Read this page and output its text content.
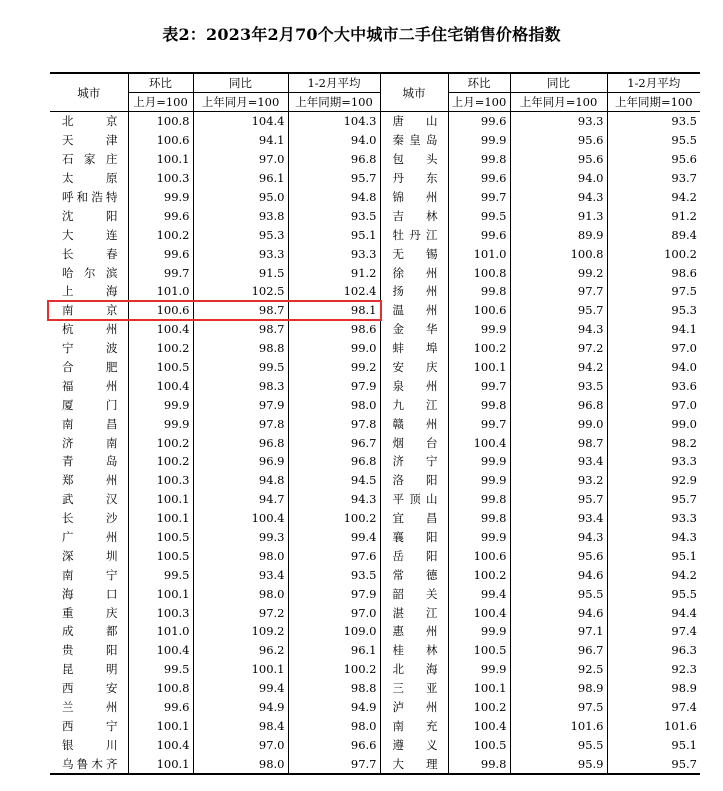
表2：2023年2月70个大中城市二手住宅销售价格指数
城市	环比	同比	1-2月平均	城市	环比	同比	1-2月平均
	上月=100	上年同月=100	上年同期=100		上月=100	上年同月=100	上年同期=100
北京	100.8	104.4	104.3	唐山	99.6	93.3	93.5
天津	100.6	94.1	94.0	秦皇岛	99.9	95.6	95.5
石家庄	100.1	97.0	96.8	包头	99.8	95.6	95.6
太原	100.3	96.1	95.7	丹东	99.6	94.0	93.7
呼和浩特	99.9	95.0	94.8	锦州	99.7	94.3	94.2
沈阳	99.6	93.8	93.5	吉林	99.5	91.3	91.2
大连	100.2	95.3	95.1	牡丹江	99.6	89.9	89.4
长春	99.6	93.3	93.3	无锡	101.0	100.8	100.2
哈尔滨	99.7	91.5	91.2	徐州	100.8	99.2	98.6
上海	101.0	102.5	102.4	扬州	99.8	97.7	97.5
南京	100.6	98.7	98.1	温州	100.6	95.7	95.3
杭州	100.4	98.7	98.6	金华	99.9	94.3	94.1
宁波	100.2	98.8	99.0	蚌埠	100.2	97.2	97.0
合肥	100.5	99.5	99.2	安庆	100.1	94.2	94.0
福州	100.4	98.3	97.9	泉州	99.7	93.5	93.6
厦门	99.9	97.9	98.0	九江	99.8	96.8	97.0
南昌	99.9	97.8	97.8	赣州	99.7	99.0	99.0
济南	100.2	96.8	96.7	烟台	100.4	98.7	98.2
青岛	100.2	96.9	96.8	济宁	99.9	93.4	93.3
郑州	100.3	94.8	94.5	洛阳	99.9	93.2	92.9
武汉	100.1	94.7	94.3	平顶山	99.8	95.7	95.7
长沙	100.1	100.4	100.2	宜昌	99.8	93.4	93.3
广州	100.5	99.3	99.4	襄阳	99.9	94.3	94.3
深圳	100.5	98.0	97.6	岳阳	100.6	95.6	95.1
南宁	99.5	93.4	93.5	常德	100.2	94.6	94.2
海口	100.1	98.0	97.9	韶关	99.4	95.5	95.5
重庆	100.3	97.2	97.0	湛江	100.4	94.6	94.4
成都	101.0	109.2	109.0	惠州	99.9	97.1	97.4
贵阳	100.4	96.2	96.1	桂林	100.5	96.7	96.3
昆明	99.5	100.1	100.2	北海	99.9	92.5	92.3
西安	100.8	99.4	98.8	三亚	100.1	98.9	98.9
兰州	99.6	94.9	94.9	泸州	100.2	97.5	97.4
西宁	100.1	98.4	98.0	南充	100.4	101.6	101.6
银川	100.4	97.0	96.6	遵义	100.5	95.5	95.1
乌鲁木齐	100.1	98.0	97.7	大理	99.8	95.9	95.7
